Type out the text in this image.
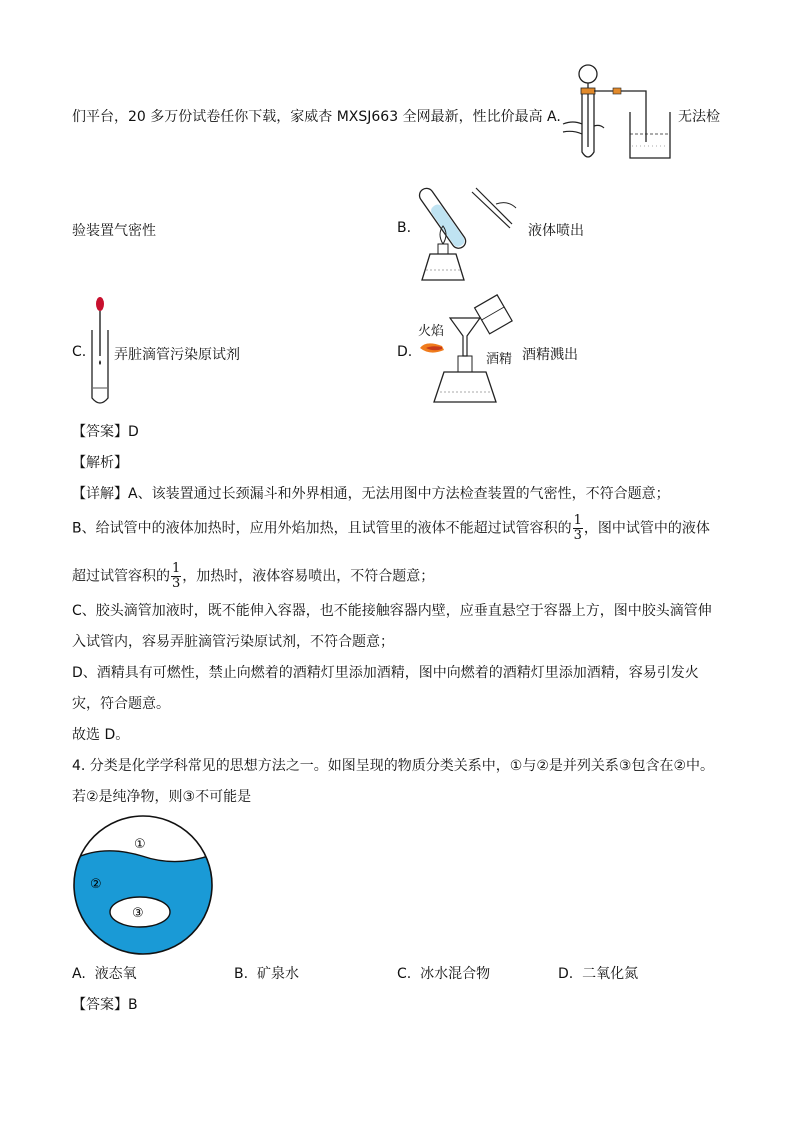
们平台，20 多万份试卷任你下载，家威杏 MXSJ663 全网最新，性比价最高 A.	无法检
验装置气密性	B.	液体喷出
C. 弄脏滴管污染原试剂	D.
火焰
酒精 酒精溅出
【答案】D
【解析】
【详解】A、该装置通过长颈漏斗和外界相通，无法用图中方法检查装置的气密性，不符合题意；
B、给试管中的液体加热时，应用外焰加热，且试管里的液体不能超过试管容积的 $\frac{1}{3}$ ，图中试管中的液体
超过试管容积的 $\frac{1}{3}$ ，加热时，液体容易喷出，不符合题意；
C、胶头滴管加液时，既不能伸入容器，也不能接触容器内壁，应垂直悬空于容器上方，图中胶头滴管伸
入试管内，容易弄脏滴管污染原试剂，不符合题意；
D、酒精具有可燃性，禁止向燃着的酒精灯里添加酒精，图中向燃着的酒精灯里添加酒精，容易引发火
灾，符合题意。
故选 D。
4. 分类是化学学科常见的思想方法之一。如图呈现的物质分类关系中，①与②是并列关系③包含在②中。
若②是纯净物，则③不可能是
①
②
③
A. 液态氧	B. 矿泉水	C. 冰水混合物	D. 二氧化氮
【答案】B
